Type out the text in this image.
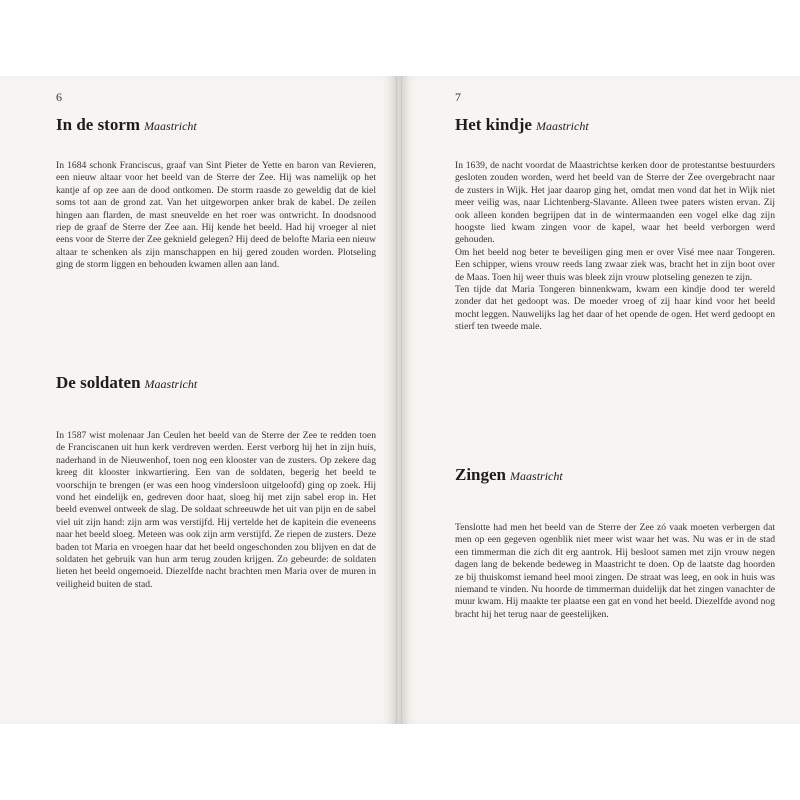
6
In de storm Maastricht

In 1684 schonk Franciscus, graaf van Sint Pieter de Yette en baron van Revieren, een nieuw altaar voor het beeld van de Sterre der Zee. Hij was namelijk op het kantje af op zee aan de dood ontkomen. De storm raasde zo geweldig dat de kiel soms tot aan de grond zat. Van het uitgeworpen anker brak de kabel. De zeilen hingen aan flarden, de mast sneuvelde en het roer was ontwricht. In doodsnood riep de graaf de Sterre der Zee aan. Hij kende het beeld. Had hij vroeger al niet eens voor de Sterre der Zee geknield gelegen? Hij deed de belofte Maria een nieuw altaar te schenken als zijn manschappen en hij gered zouden worden. Plotseling ging de storm liggen en behouden kwamen allen aan land.

De soldaten Maastricht

In 1587 wist molenaar Jan Ceulen het beeld van de Sterre der Zee te redden toen de Franciscanen uit hun kerk verdreven werden. Eerst verborg hij het in zijn huis, naderhand in de Nieuwenhof, toen nog een klooster van de zusters. Op zekere dag kreeg dit klooster inkwartiering. Een van de soldaten, begerig het beeld te voorschijn te brengen (er was een hoog vindersloon uitgeloofd) ging op zoek. Hij vond het eindelijk en, gedreven door haat, sloeg hij met zijn sabel erop in. Het beeld evenwel ontweek de slag. De soldaat schreeuwde het uit van pijn en de sabel viel uit zijn hand: zijn arm was verstijfd. Hij vertelde het de kapitein die eveneens naar het beeld sloeg. Meteen was ook zijn arm verstijfd. Ze riepen de zusters. Deze baden tot Maria en vroegen haar dat het beeld ongeschonden zou blijven en dat de soldaten het gebruik van hun arm terug zouden krijgen. Zo gebeurde: de soldaten lieten het beeld ongemoeid. Diezelfde nacht brachten men Maria over de muren in veiligheid buiten de stad.

7
Het kindje Maastricht

In 1639, de nacht voordat de Maastrichtse kerken door de protestantse bestuurders gesloten zouden worden, werd het beeld van de Sterre der Zee overgebracht naar de zusters in Wijk. Het jaar daarop ging het, omdat men vond dat het in Wijk niet meer veilig was, naar Lichtenberg-Slavante. Alleen twee paters wisten ervan. Zij ook alleen konden begrijpen dat in de wintermaanden een vogel elke dag zijn hoogste lied kwam zingen voor de kapel, waar het beeld verborgen werd gehouden.

Om het beeld nog beter te beveiligen ging men er over Visé mee naar Tongeren. Een schipper, wiens vrouw reeds lang zwaar ziek was, bracht het in zijn boot over de Maas. Toen hij weer thuis was bleek zijn vrouw plotseling genezen te zijn.

Ten tijde dat Maria Tongeren binnenkwam, kwam een kindje dood ter wereld zonder dat het gedoopt was. De moeder vroeg of zij haar kind voor het beeld mocht leggen. Nauwelijks lag het daar of het opende de ogen. Het werd gedoopt en stierf ten tweede male.

Zingen Maastricht

Tenslotte had men het beeld van de Sterre der Zee zó vaak moeten verbergen dat men op een gegeven ogenblik niet meer wist waar het was. Nu was er in de stad een timmerman die zich dit erg aantrok. Hij besloot samen met zijn vrouw negen dagen lang de bekende bedeweg in Maastricht te doen. Op de laatste dag hoorden ze bij thuiskomst iemand heel mooi zingen. De straat was leeg, en ook in huis was niemand te vinden. Nu hoorde de timmerman duidelijk dat het zingen vanachter de muur kwam. Hij maakte ter plaatse een gat en vond het beeld. Diezelfde avond nog bracht hij het terug naar de geestelijken.
